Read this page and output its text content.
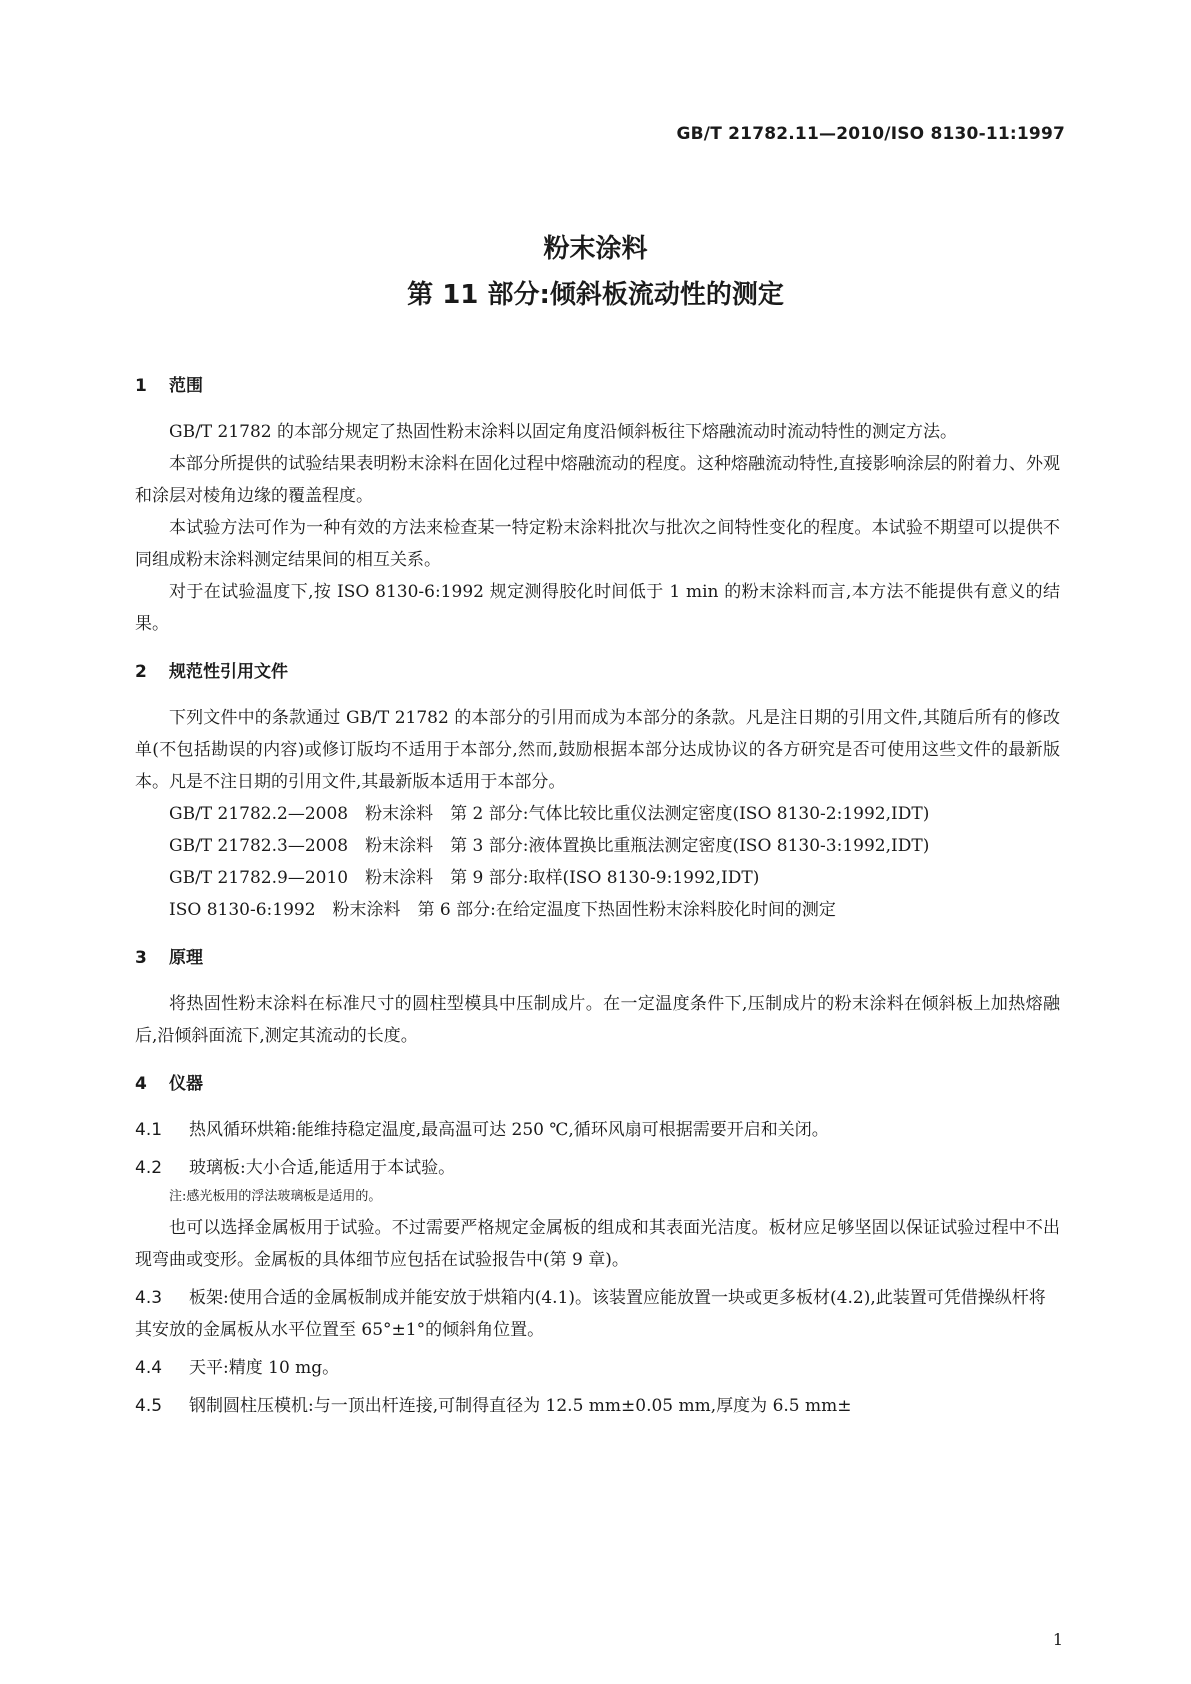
GB/T 21782.11—2010/ISO 8130-11:1997
粉末涂料
第 11 部分:倾斜板流动性的测定
1 范围

GB/T 21782 的本部分规定了热固性粉末涂料以固定角度沿倾斜板往下熔融流动时流动特性的测定方法。

本部分所提供的试验结果表明粉末涂料在固化过程中熔融流动的程度。这种熔融流动特性,直接影响涂层的附着力、外观和涂层对棱角边缘的覆盖程度。

本试验方法可作为一种有效的方法来检查某一特定粉末涂料批次与批次之间特性变化的程度。本试验不期望可以提供不同组成粉末涂料测定结果间的相互关系。

对于在试验温度下,按 ISO 8130-6:1992 规定测得胶化时间低于 1 min 的粉末涂料而言,本方法不能提供有意义的结果。

2 规范性引用文件

下列文件中的条款通过 GB/T 21782 的本部分的引用而成为本部分的条款。凡是注日期的引用文件,其随后所有的修改单(不包括勘误的内容)或修订版均不适用于本部分,然而,鼓励根据本部分达成协议的各方研究是否可使用这些文件的最新版本。凡是不注日期的引用文件,其最新版本适用于本部分。

GB/T 21782.2—2008　粉末涂料　第 2 部分:气体比较比重仪法测定密度(ISO 8130-2:1992,IDT)

GB/T 21782.3—2008　粉末涂料　第 3 部分:液体置换比重瓶法测定密度(ISO 8130-3:1992,IDT)

GB/T 21782.9—2010　粉末涂料　第 9 部分:取样(ISO 8130-9:1992,IDT)

ISO 8130-6:1992　粉末涂料　第 6 部分:在给定温度下热固性粉末涂料胶化时间的测定

3 原理

将热固性粉末涂料在标准尺寸的圆柱型模具中压制成片。在一定温度条件下,压制成片的粉末涂料在倾斜板上加热熔融后,沿倾斜面流下,测定其流动的长度。

4 仪器

4.1 热风循环烘箱:能维持稳定温度,最高温可达 250 ℃,循环风扇可根据需要开启和关闭。

4.2 玻璃板:大小合适,能适用于本试验。

注:感光板用的浮法玻璃板是适用的。

也可以选择金属板用于试验。不过需要严格规定金属板的组成和其表面光洁度。板材应足够坚固以保证试验过程中不出现弯曲或变形。金属板的具体细节应包括在试验报告中(第 9 章)。

4.3 板架:使用合适的金属板制成并能安放于烘箱内(4.1)。该装置应能放置一块或更多板材(4.2),此装置可凭借操纵杆将其安放的金属板从水平位置至 65°±1°的倾斜角位置。

4.4 天平:精度 10 mg。

4.5 钢制圆柱压模机:与一顶出杆连接,可制得直径为 12.5 mm±0.05 mm,厚度为 6.5 mm±

1
